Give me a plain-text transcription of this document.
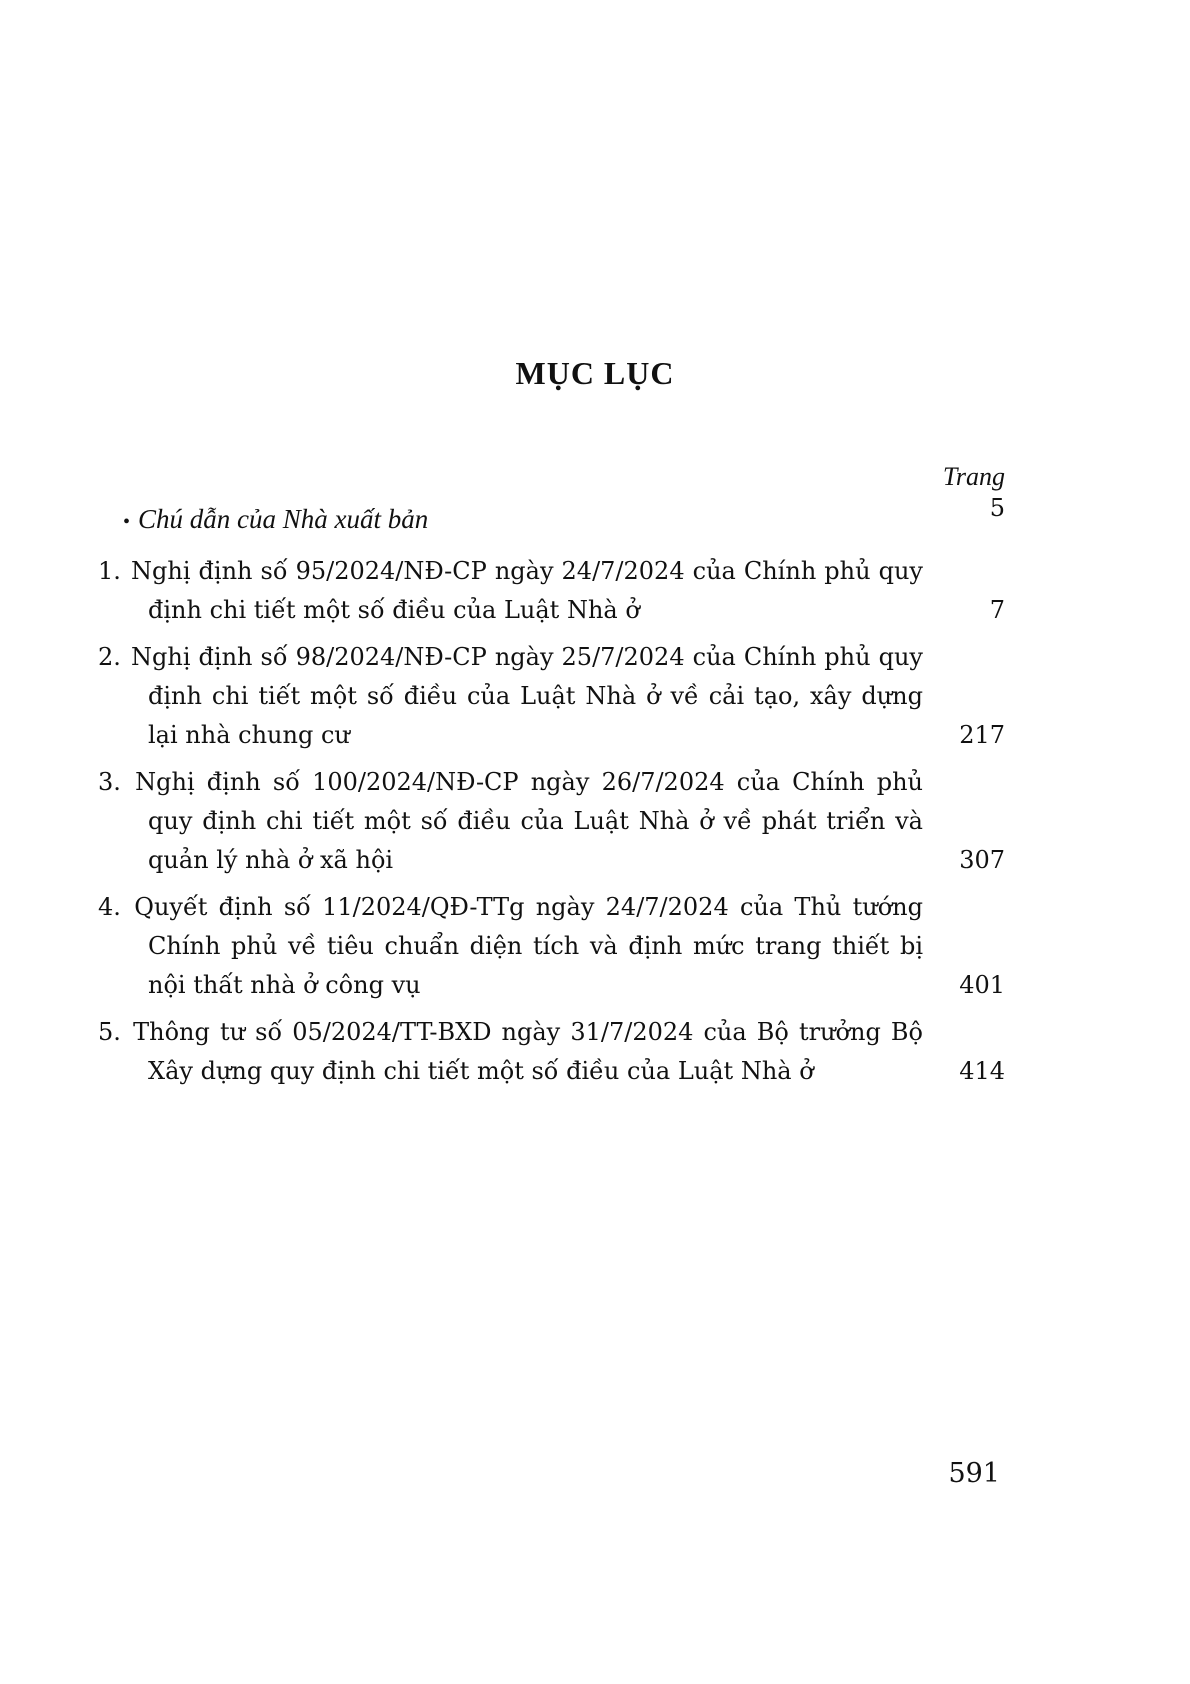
MỤC LỤC
Trang
• Chú dẫn của Nhà xuất bản	5
1. Nghị định số 95/2024/NĐ-CP ngày 24/7/2024 của Chính phủ quy định chi tiết một số điều của Luật Nhà ở	7
2. Nghị định số 98/2024/NĐ-CP ngày 25/7/2024 của Chính phủ quy định chi tiết một số điều của Luật Nhà ở về cải tạo, xây dựng lại nhà chung cư	217
3. Nghị định số 100/2024/NĐ-CP ngày 26/7/2024 của Chính phủ quy định chi tiết một số điều của Luật Nhà ở về phát triển và quản lý nhà ở xã hội	307
4. Quyết định số 11/2024/QĐ-TTg ngày 24/7/2024 của Thủ tướng Chính phủ về tiêu chuẩn diện tích và định mức trang thiết bị nội thất nhà ở công vụ	401
5. Thông tư số 05/2024/TT-BXD ngày 31/7/2024 của Bộ trưởng Bộ Xây dựng quy định chi tiết một số điều của Luật Nhà ở	414
591
